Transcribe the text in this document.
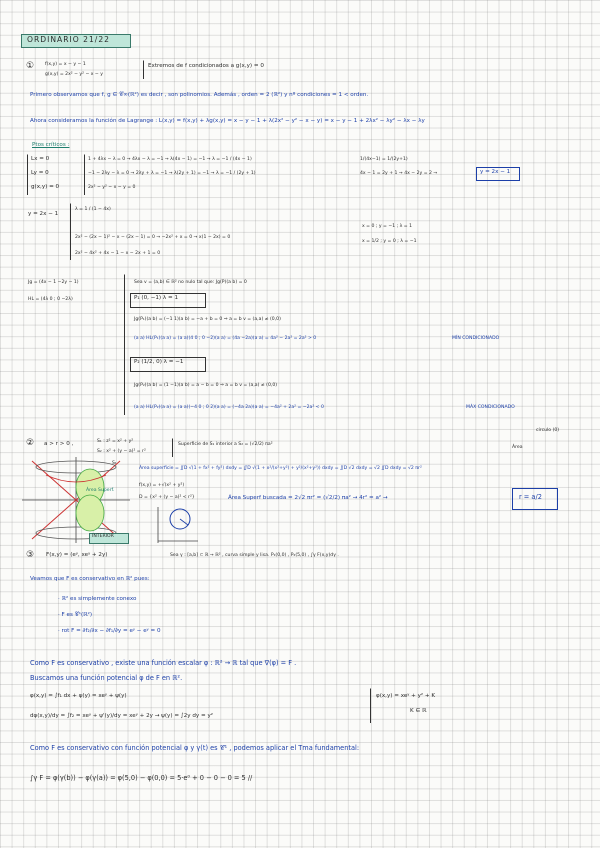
ORDINARIO 21/22
① f(x,y) = x − y − 1
g(x,y) = 2x² − y² − x − y
Extremos de f condicionados a g(x,y) = 0
Primero observamos que f, g ∈ 𝒞∞(ℝ²) es decir , son polinomios. Además , orden = 2 (ℝ²) y nº condiciones = 1 < orden.
Ahora consideramos la función de Lagrange : L(x,y) = f(x,y) + λg(x,y) = x − y − 1 + λ(2x² − y² − x − y) = x − y − 1 + 2λx² − λy² − λx − λy
Ptos críticos :
Lx = 0
Ly = 0
g(x,y) = 0
1 + 4λx − λ = 0 → 4λx − λ = −1 → λ(4x − 1) = −1 → λ = −1 / (4x − 1)
−1 − 2λy − λ = 0 → 2λy + λ = −1 → λ(2y + 1) = −1 → λ = −1 / (2y + 1)
2x² − y² − x − y = 0
1/(4x−1) = 1/(2y+1)
4x − 1 = 2y + 1 → 4x − 2y = 2 →	y = 2x − 1
y = 2x − 1
λ = 1 / (1 − 4x)
2x² − (2x − 1)² − x − (2x − 1) = 0 → −2x² + x = 0 → x(1 − 2x) = 0
2x² − 4x² + 4x − 1 − x − 2x + 1 = 0
x = 0 ; y = −1 ; λ = 1
x = 1/2 ; y = 0 ; λ = −1
Jg = (4x − 1 −2y − 1)
HL = (4λ 0 ; 0 −2λ)
Sea v = (a,b) ∈ ℝ² no nulo tal que: Jg(P)(a b) = 0
P₁ (0, −1) λ = 1
Jg(P₁)(a b) = (−1 1)(a b) = −a + b = 0 ⇒ a = b v = (a,a) ≠ (0,0)
(a a) HL(P₁)(a a) = (a a)(4 0 ; 0 −2)(a a) = (4a −2a)(a a) = 4a² − 2a² = 2a² > 0	MÍN CONDICIONADO
P₂ (1/2, 0) λ = −1
Jg(P₂)(a b) = (1 −1)(a b) = a − b = 0 ⇒ a = b v = (a,a) ≠ (0,0)
(a a) HL(P₂)(a a) = (a a)(−4 0 ; 0 2)(a a) = (−4a 2a)(a a) = −4a² + 2a² = −2a² < 0	MÁX CONDICIONADO
② a > r > 0 ,	S₁ : z² = x² + y²
S₂ : x² + (y − a)² = r²
Superficie de S₁ interior a S₂ = (√2/2) πa²
círculo (0)
Área
S₁
Área Superf.
INTERIOR
Área superficie = ∬D √(1 + fx² + fy²) dxdy = ∬D √(1 + x²/(x²+y²) + y²/(x²+y²)) dxdy = ∬D √2 dxdy = √2 ∬D dxdy = √2 πr²
f(x,y) = +√(x² + y²)
D = {x² + (y − a)² < r²}	Área Superf buscada = 2√2 πr² = (√2/2) πa² → 4r² = a² →	r = a/2
③ F(x,y) = (eʸ, xeʸ + 2y)	Sea γ : [a,b] ⊂ ℝ → ℝ² , curva simple y lisa. P₁(0,0) , P₂(5,0) , ∫γ F(x,y)dγ .
Veamos que F es conservativo en ℝ² pues:
· ℝ² es simplemente conexo
· F es 𝒞¹(ℝ²)
· rot F = ∂f₂/∂x − ∂f₁/∂y = eʸ − eʸ = 0
Como F es conservativo , existe una función escalar φ : ℝ² → ℝ tal que ∇(φ) = F .
Buscamos una función potencial φ de F en ℝ².
φ(x,y) = ∫f₁ dx + ψ(y) = xeʸ + ψ(y)
dφ(x,y)/dy = ∫f₂ = xeʸ + ψ'(y)/dy = xeʸ + 2y → ψ(y) = ∫2y dy = y²
φ(x,y) = xeʸ + y² + K
K ∈ ℝ
Como F es conservativo con función potencial φ y γ(t) es 𝒞¹ , podemos aplicar el Tma fundamental:
∫γ F = φ(γ(b)) − φ(γ(a)) = φ(5,0) − φ(0,0) = 5·e⁰ + 0 − 0 − 0 = 5 //
